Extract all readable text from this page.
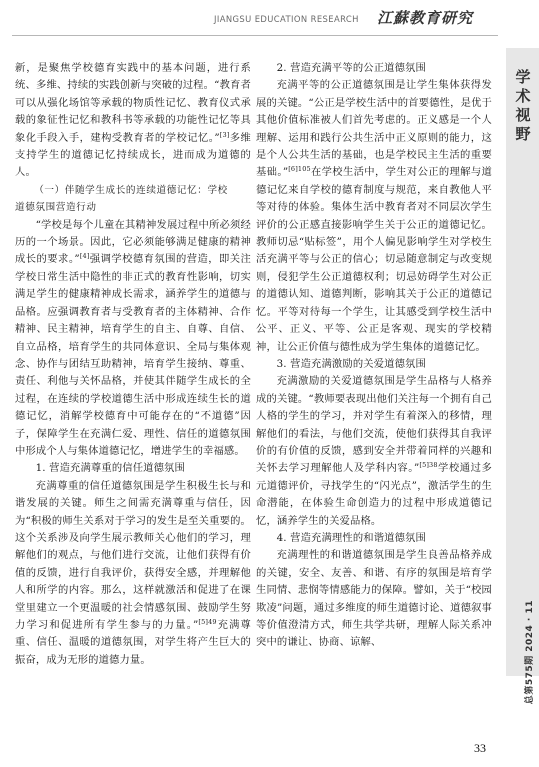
JIANGSU EDUCATION RESEARCH 江蘇教育研究
学术视野
总第575期 2024 · 11

新，是聚焦学校德育实践中的基本问题，进行系统、多维、持续的实践创新与突破的过程。“教育者可以从强化场馆等承载的物质性记忆、教育仪式承载的象征性记忆和教科书等承载的功能性记忆等具象化手段入手，建构受教育者的学校记忆。”[3]多维支持学生的道德记忆持续成长，进而成为道德的人。

（一）伴随学生成长的连续道德记忆：学校
道德氛围营造行动

“学校是每个儿童在其精神发展过程中所必须经历的一个场景。因此，它必须能够满足健康的精神成长的要求。”[4]强调学校德育氛围的营造，即关注学校日常生活中隐性的非正式的教育性影响，切实满足学生的健康精神成长需求，涵养学生的道德与品格。应强调教育者与受教育者的主体精神、合作精神、民主精神，培育学生的自主、自尊、自信、自立品格，培育学生的共同体意识、全局与集体观念、协作与团结互助精神，培育学生接纳、尊重、责任、利他与关怀品格，并使其伴随学生成长的全过程，在连续的学校道德生活中形成连续生长的道德记忆，消解学校德育中可能存在的“不道德”因子，保障学生在充满仁爱、理性、信任的道德氛围中形成个人与集体道德记忆，增进学生的幸福感。

1. 营造充满尊重的信任道德氛围

充满尊重的信任道德氛围是学生积极生长与和谐发展的关键。师生之间需充满尊重与信任，因为“积极的师生关系对于学习的发生是至关重要的。这个关系涉及向学生展示教师关心他们的学习，理解他们的观点，与他们进行交流，让他们获得有价值的反馈，进行自我评价，获得安全感，并理解他人和所学的内容。那么，这样就激活和促进了在课堂里建立一个更温暖的社会情感氛围、鼓励学生努力学习和促进所有学生参与的力量。”$^{[5]49}$充满尊重、信任、温暖的道德氛围，对学生将产生巨大的振奋，成为无形的道德力量。

2. 营造充满平等的公正道德氛围

充满平等的公正道德氛围是让学生集体获得发展的关键。“公正是学校生活中的首要德性，是优于其他价值标准被人们首先考虑的。正义感是一个人理解、运用和践行公共生活中正义原则的能力，这是个人公共生活的基础，也是学校民主生活的重要基础。”$^{[6]105}$在学校生活中，学生对公正的理解与道德记忆来自学校的德育制度与规范，来自教他人平等对待的体验。集体生活中教育者对不同层次学生评价的公正感直接影响学生关于公正的道德记忆。教师切忌“贴标签”，用个人偏见影响学生对学校生活充满平等与公正的信心；切忌随意制定与改变规则，侵犯学生公正道德权利；切忌妨碍学生对公正的道德认知、道德判断，影响其关于公正的道德记忆。平等对待每一个学生，让其感受到学校生活中公平、正义、平等、公正是客观、现实的学校精神，让公正价值与德性成为学生集体的道德记忆。

3. 营造充满激励的关爱道德氛围

充满激励的关爱道德氛围是学生品格与人格养成的关键。“教师要表现出他们关注每一个拥有自己人格的学生的学习，并对学生有着深入的移情，理解他们的看法，与他们交流，使他们获得其自我评价的有价值的反馈，感到安全并带着同样的兴趣和关怀去学习理解他人及学科内容。”$^{[5]38}$学校通过多元道德评价，寻找学生的“闪光点”，激活学生的生命潜能，在体验生命创造力的过程中形成道德记忆，涵养学生的关爱品格。

4. 营造充满理性的和谐道德氛围

充满理性的和谐道德氛围是学生良善品格养成的关键，安全、友善、和谐、有序的氛围是培育学生同情、悲悯等情感能力的保障。譬如，关于“校园欺凌”问题，通过多维度的师生道德讨论、道德叙事等价值澄清方式，师生共学共研，理解人际关系冲突中的谦让、协商、谅解、

33
